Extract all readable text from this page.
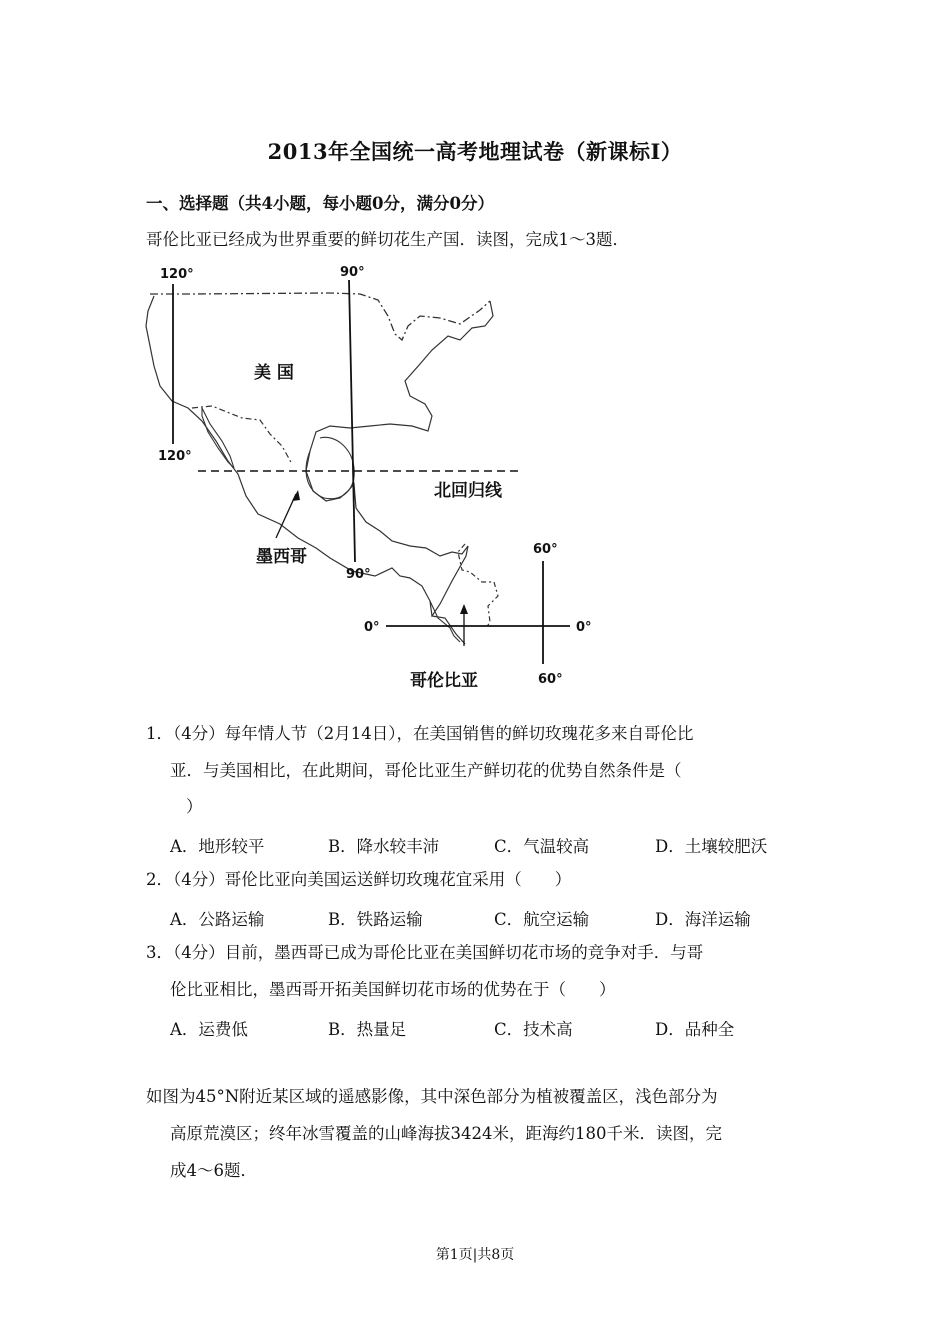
2013年全国统一高考地理试卷（新课标Ⅰ）
一、选择题（共4小题，每小题0分，满分0分）
哥伦比亚已经成为世界重要的鲜切花生产国．读图，完成1～3题．
120°	90°
120°
90°
60°
60°
0°	0°
美 国
北回归线
墨西哥
哥伦比亚
1．（4分）每年情人节（2月14日），在美国销售的鲜切玫瑰花多来自哥伦比
亚．与美国相比，在此期间，哥伦比亚生产鲜切花的优势自然条件是（
）
A．地形较平	B．降水较丰沛	C．气温较高	D．土壤较肥沃
2．（4分）哥伦比亚向美国运送鲜切玫瑰花宜采用（　　）
A．公路运输	B．铁路运输	C．航空运输	D．海洋运输
3．（4分）目前，墨西哥已成为哥伦比亚在美国鲜切花市场的竞争对手．与哥
伦比亚相比，墨西哥开拓美国鲜切花市场的优势在于（　　）
A．运费低	B．热量足	C．技术高	D．品种全
如图为45°N附近某区域的遥感影像，其中深色部分为植被覆盖区，浅色部分为
高原荒漠区；终年冰雪覆盖的山峰海拔3424米，距海约180千米．读图，完
成4～6题．
第1页|共8页
